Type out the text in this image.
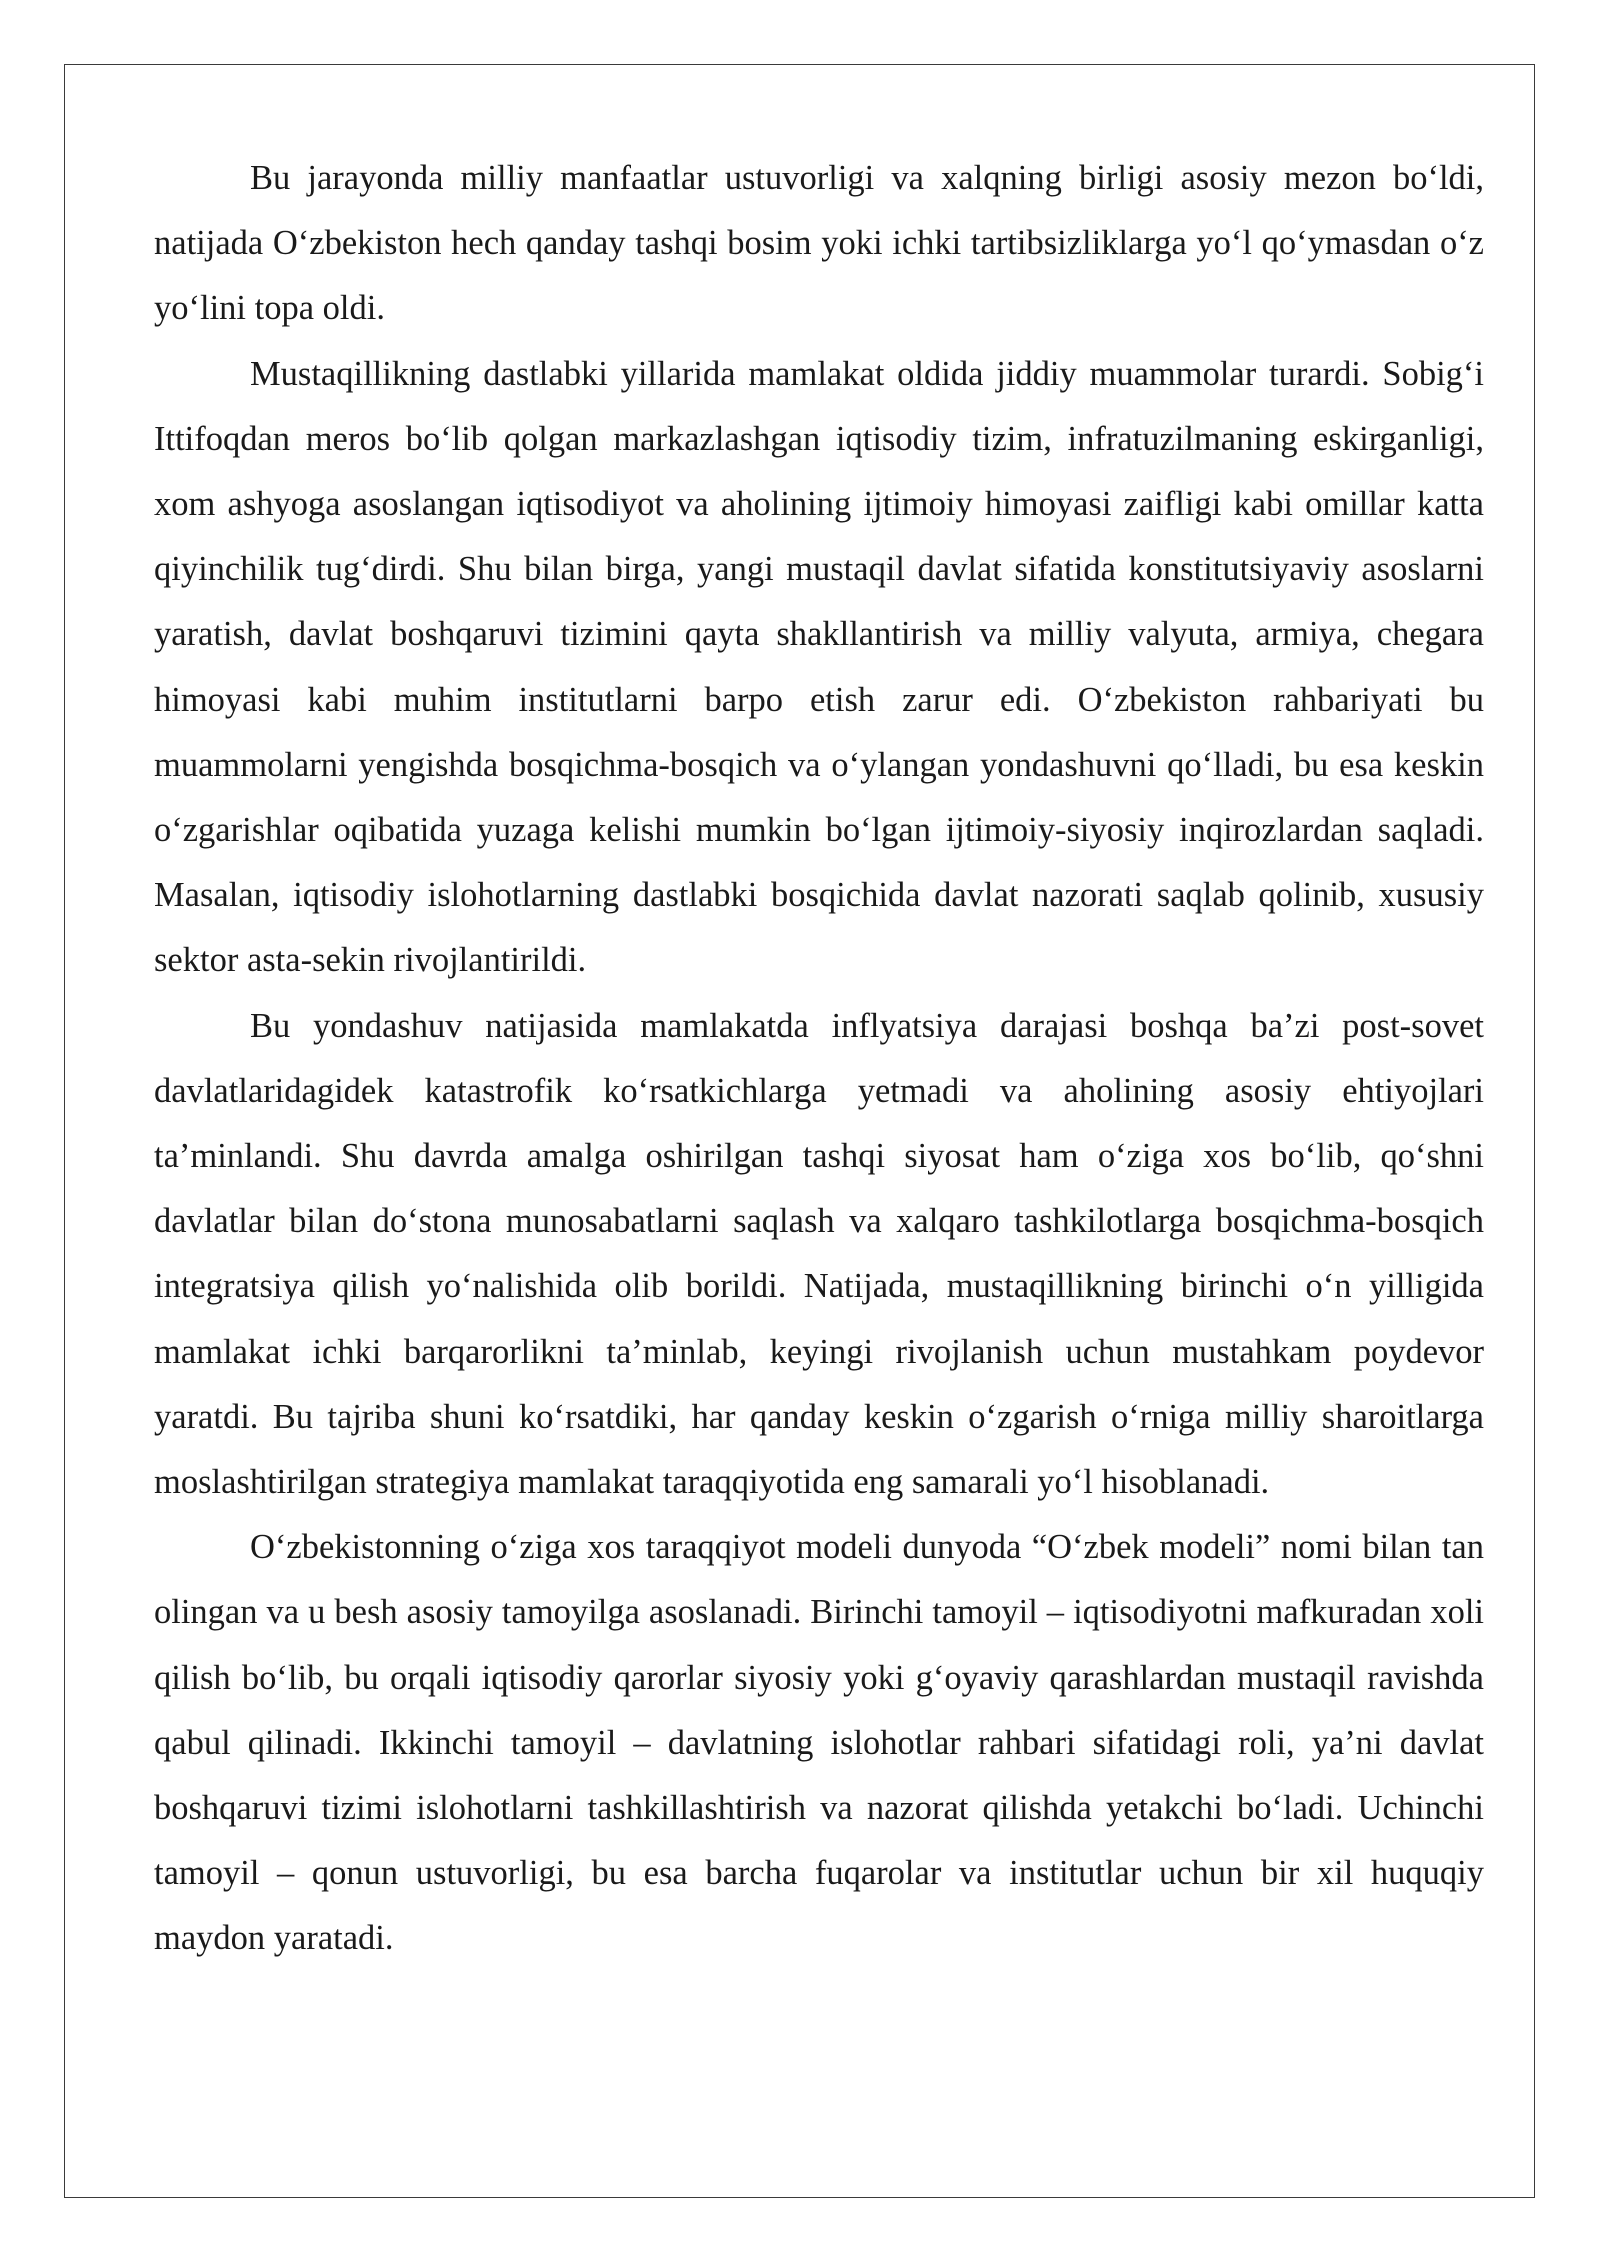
Bu jarayonda milliy manfaatlar ustuvorligi va xalqning birligi asosiy mezon bo‘ldi, natijada O‘zbekiston hech qanday tashqi bosim yoki ichki tartibsizliklarga yo‘l qo‘ymasdan o‘z yo‘lini topa oldi.

Mustaqillikning dastlabki yillarida mamlakat oldida jiddiy muammolar turardi. Sobig‘i Ittifoqdan meros bo‘lib qolgan markazlashgan iqtisodiy tizim, infratuzilmaning eskirganligi, xom ashyoga asoslangan iqtisodiyot va aholining ijtimoiy himoyasi zaifligi kabi omillar katta qiyinchilik tug‘dirdi. Shu bilan birga, yangi mustaqil davlat sifatida konstitutsiyaviy asoslarni yaratish, davlat boshqaruvi tizimini qayta shakllantirish va milliy valyuta, armiya, chegara himoyasi kabi muhim institutlarni barpo etish zarur edi. O‘zbekiston rahbariyati bu muammolarni yengishda bosqichma-bosqich va o‘ylangan yondashuvni qo‘lladi, bu esa keskin o‘zgarishlar oqibatida yuzaga kelishi mumkin bo‘lgan ijtimoiy-siyosiy inqirozlardan saqladi. Masalan, iqtisodiy islohotlarning dastlabki bosqichida davlat nazorati saqlab qolinib, xususiy sektor asta-sekin rivojlantirildi.

Bu yondashuv natijasida mamlakatda inflyatsiya darajasi boshqa ba’zi post-sovet davlatlaridagidek katastrofik ko‘rsatkichlarga yetmadi va aholining asosiy ehtiyojlari ta’minlandi. Shu davrda amalga oshirilgan tashqi siyosat ham o‘ziga xos bo‘lib, qo‘shni davlatlar bilan do‘stona munosabatlarni saqlash va xalqaro tashkilotlarga bosqichma-bosqich integratsiya qilish yo‘nalishida olib borildi. Natijada, mustaqillikning birinchi o‘n yilligida mamlakat ichki barqarorlikni ta’minlab, keyingi rivojlanish uchun mustahkam poydevor yaratdi. Bu tajriba shuni ko‘rsatdiki, har qanday keskin o‘zgarish o‘rniga milliy sharoitlarga moslashtirilgan strategiya mamlakat taraqqiyotida eng samarali yo‘l hisoblanadi.

O‘zbekistonning o‘ziga xos taraqqiyot modeli dunyoda “O‘zbek modeli” nomi bilan tan olingan va u besh asosiy tamoyilga asoslanadi. Birinchi tamoyil – iqtisodiyotni mafkuradan xoli qilish bo‘lib, bu orqali iqtisodiy qarorlar siyosiy yoki g‘oyaviy qarashlardan mustaqil ravishda qabul qilinadi. Ikkinchi tamoyil – davlatning islohotlar rahbari sifatidagi roli, ya’ni davlat boshqaruvi tizimi islohotlarni tashkillashtirish va nazorat qilishda yetakchi bo‘ladi. Uchinchi tamoyil – qonun ustuvorligi, bu esa barcha fuqarolar va institutlar uchun bir xil huquqiy maydon yaratadi.
